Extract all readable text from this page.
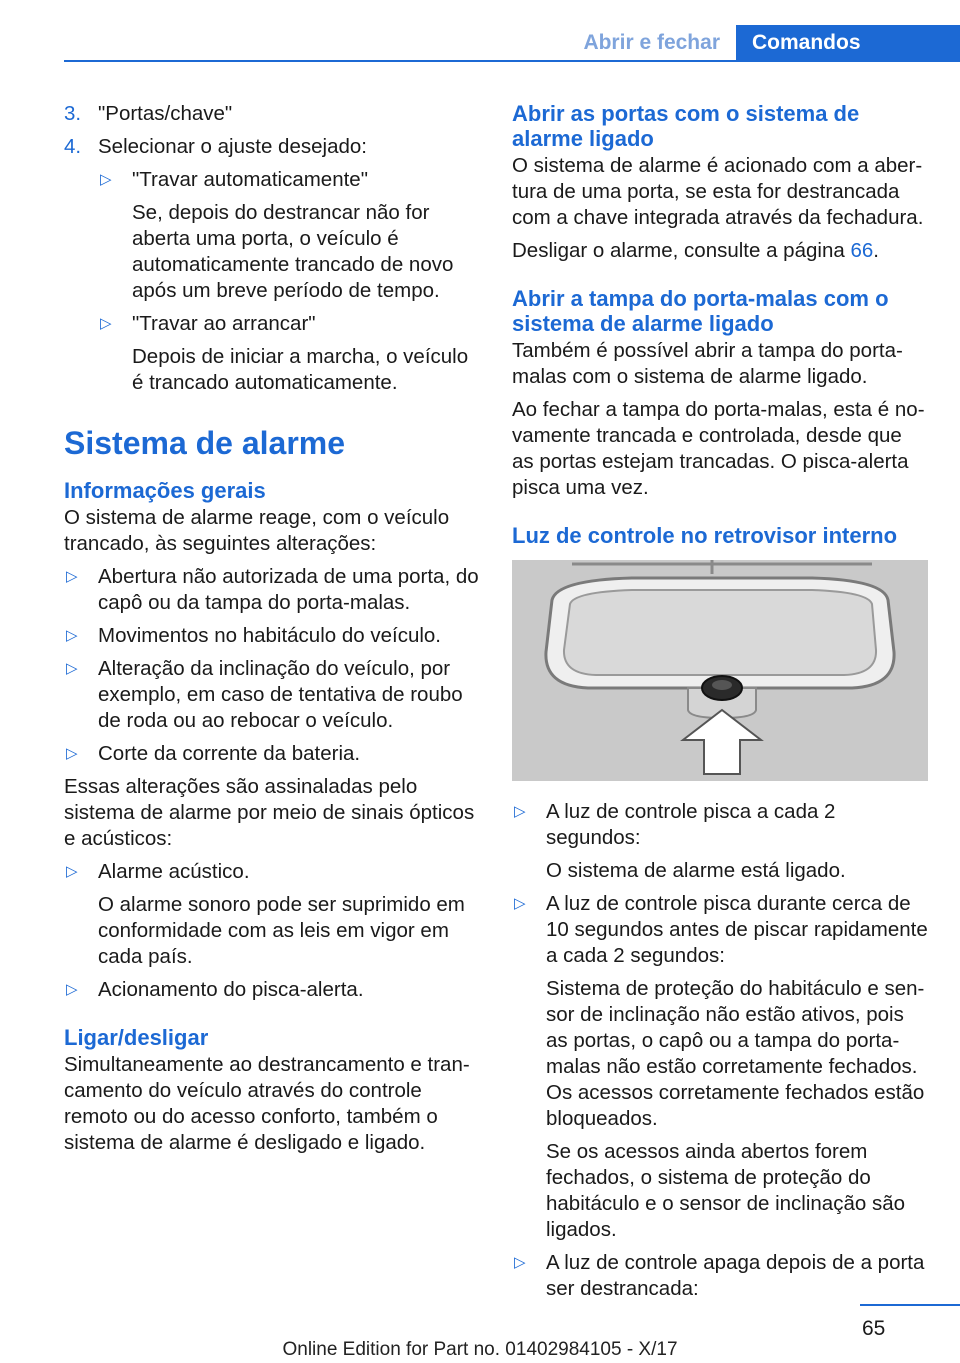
Abrir e fechar	Comandos
3. "Portas/chave"

4. Selecionar o ajuste desejado:

▷ "Travar automaticamente"

Se, depois do destrancar não for aberta uma porta, o veículo é automaticamente trancado de novo após um breve período de tempo.

▷ "Travar ao arrancar"

Depois de iniciar a marcha, o veículo é trancado automaticamente.

Sistema de alarme
Informações gerais

O sistema de alarme reage, com o veículo trancado, às seguintes alterações:

▷ Abertura não autorizada de uma porta, do capô ou da tampa do porta-malas.

▷ Movimentos no habitáculo do veículo.

▷ Alteração da inclinação do veículo, por exemplo, em caso de tentativa de roubo de roda ou ao rebocar o veículo.

▷ Corte da corrente da bateria.

Essas alterações são assinaladas pelo sistema de alarme por meio de sinais ópticos e acústicos:

▷ Alarme acústico.

O alarme sonoro pode ser suprimido em conformidade com as leis em vigor em cada país.

▷ Acionamento do pisca-alerta.

Ligar/desligar

Simultaneamente ao destrancamento e trancamento do veículo através do controle remoto ou do acesso conforto, também o sistema de alarme é desligado e ligado.

Abrir as portas com o sistema de alarme ligado

O sistema de alarme é acionado com a abertura de uma porta, se esta for destrancada com a chave integrada através da fechadura.

Desligar o alarme, consulte a página 66.

Abrir a tampa do porta-malas com o sistema de alarme ligado

Também é possível abrir a tampa do porta-malas com o sistema de alarme ligado.

Ao fechar a tampa do porta-malas, esta é novamente trancada e controlada, desde que as portas estejam trancadas. O pisca-alerta pisca uma vez.

Luz de controle no retrovisor interno
▷ A luz de controle pisca a cada 2 segundos:

O sistema de alarme está ligado.

▷ A luz de controle pisca durante cerca de 10 segundos antes de piscar rapidamente a cada 2 segundos:

Sistema de proteção do habitáculo e sensor de inclinação não estão ativos, pois as portas, o capô ou a tampa do porta-malas não estão corretamente fechados. Os acessos corretamente fechados estão bloqueados.

Se os acessos ainda abertos forem fechados, o sistema de proteção do habitáculo e o sensor de inclinação são ligados.

▷ A luz de controle apaga depois de a porta ser destrancada:

65
Online Edition for Part no. 01402984105 - X/17
